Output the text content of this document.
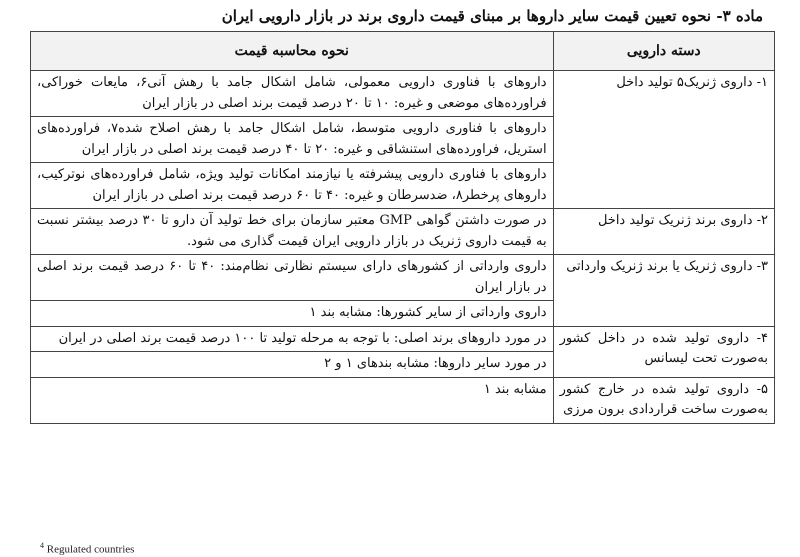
ماده ۳- نحوه تعیین قیمت سایر داروها بر مبنای قیمت داروی برند در بازار دارویی ایران
دسته دارویی	نحوه محاسبه قیمت
۱- داروی ژنریک۵ تولید داخل	داروهای با فناوری دارویی معمولی، شامل اشکال جامد با رهش آنی۶، مایعات خوراکی، فراورده‌های موضعی و غیره: ۱۰ تا ۲۰ درصد قیمت برند اصلی در بازار ایران
	داروهای با فناوری دارویی متوسط، شامل اشکال جامد با رهش اصلاح شده۷، فراورده‌های استریل، فراورده‌های استنشاقی و غیره: ۲۰ تا ۴۰ درصد قیمت برند اصلی در بازار ایران
	داروهای با فناوری دارویی پیشرفته یا نیازمند امکانات تولید ویژه، شامل فراورده‌های نوترکیب، داروهای پرخطر۸، ضدسرطان و غیره: ۴۰ تا ۶۰ درصد قیمت برند اصلی در بازار ایران
۲- داروی برند ژنریک تولید داخل	در صورت داشتن گواهی GMP معتبر سازمان برای خط تولید آن دارو تا ۳۰ درصد بیشتر نسبت به قیمت داروی ژنریک در بازار دارویی ایران قیمت گذاری می شود.
۳- داروی ژنریک یا برند ژنریک وارداتی	داروی وارداتی از کشورهای دارای سیستم نظارتی نظام‌مند: ۴۰ تا ۶۰ درصد قیمت برند اصلی در بازار ایران
	داروی وارداتی از سایر کشورها: مشابه بند ۱
۴- داروی تولید شده در داخل کشور به‌صورت تحت لیسانس	در مورد داروهای برند اصلی: با توجه به مرحله تولید تا ۱۰۰ درصد قیمت برند اصلی در ایران
	در مورد سایر داروها: مشابه بندهای ۱ و ۲
۵- داروی تولید شده در خارج کشور به‌صورت ساخت قراردادی برون مرزی	مشابه بند ۱
$^4$ Regulated countries
